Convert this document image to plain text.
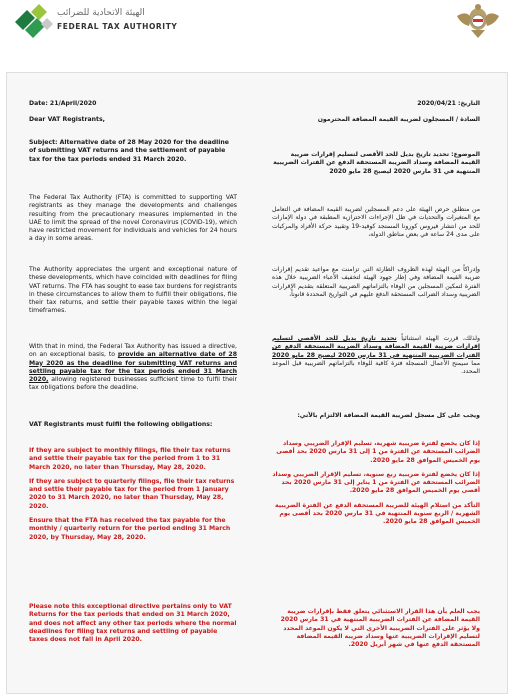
الهيئة الاتحادية للضرائب
FEDERAL TAX AUTHORITY
Date: 21/April/2020
Dear VAT Registrants,
Subject: Alternative date of 28 May 2020 for the deadline of submitting VAT returns and the settlement of payable tax for the tax periods ended 31 March 2020.
The Federal Tax Authority (FTA) is committed to supporting VAT registrants as they manage the developments and challenges resulting from the precautionary measures implemented in the UAE to limit the spread of the novel Coronavirus (COVID-19), which have restricted movement for individuals and vehicles for 24 hours a day in some areas.
The Authority appreciates the urgent and exceptional nature of these developments, which have coincided with deadlines for filing VAT returns. The FTA has sought to ease tax burdens for registrants in these circumstances to allow them to fulfill their obligations, file their tax returns, and settle their payable taxes within the legal timeframes.
With that in mind, the Federal Tax Authority has issued a directive, on an exceptional basis, to provide an alternative date of 28 May 2020 as the deadline for submitting VAT returns and settling payable tax for the tax periods ended 31 March 2020, allowing registered businesses sufficient time to fulfil their tax obligations before the deadline.
VAT Registrants must fulfil the following obligations:
If they are subject to monthly filings, file their tax returns and settle their payable tax for the period from 1 to 31 March 2020, no later than Thursday, May 28, 2020.
If they are subject to quarterly filings, file their tax returns and settle their payable tax for the period from 1 January 2020 to 31 March 2020, no later than Thursday, May 28, 2020.
Ensure that the FTA has received the tax payable for the monthly / quarterly return for the period ending 31 March 2020, by Thursday, May 28, 2020.
Please note this exceptional directive pertains only to VAT Returns for the tax periods that ended on 31 March 2020, and does not affect any other tax periods where the normal deadlines for filing tax returns and settling of payable taxes does not fall in April 2020.
التاريخ: 2020/04/21
السادة / المسجلون لضريبة القيمة المضافة المحترمون
الموضوع: تحديد تاريخ بديل للحد الأقصى لتسليم إقرارات ضريبة القيمة المضافة وسداد الضريبة المستحقة الدفع عن الفترات الضريبية المنتهية في 31 مارس 2020 ليصبح 28 مايو 2020
من منطلق حرص الهيئة على دعم المسجلين لضريبة القيمة المضافة في التعامل مع المتغيرات والتحديات في ظل الإجراءات الاحترازية المطبقة في دولة الإمارات للحد من انتشار فيروس كورونا المستجد كوفيد-19 وتقييد حركة الأفراد والمركبات على مدى 24 ساعة في بعض مناطق الدولة،
وإدراكاً من الهيئة لهذه الظروف الطارئة التي تزامنت مع مواعيد تقديم إقرارات ضريبة القيمة المضافة وفي إطار جهود الهيئة لتخفيف الأعباء الضريبية خلال هذه الفترة لتمكين المسجلين من الوفاء بالتزاماتهم الضريبية المتعلقة بتقديم الإقرارات الضريبية وسداد الضرائب المستحقة الدفع عليهم في التواريخ المحددة قانوناً،
ولذلك، قررت الهيئة استثنائياً تحديد تاريخ بديل للحد الأقصى لتسليم إقرارات ضريبة القيمة المضافة وسداد الضريبة المستحقة الدفع عن الفترات الضريبية المنتهية في 31 مارس 2020 ليصبح 28 مايو 2020 مما سيمنح الأعمال المسجلة فترة كافية للوفاء بالتزاماتهم الضريبية قبل الموعد المحدد.
ويجب على كل مسجل لضريبة القيمة المضافة الالتزام بالآتي:
إذا كان يخضع لفترة ضريبية شهرية، تسليم الإقرار الضريبي وسداد الضرائب المستحقة عن الفترة من 1 إلى 31 مارس 2020 بحد أقصى يوم الخميس الموافق 28 مايو 2020.
إذا كان يخضع لفترة ضريبية ربع سنوية، تسليم الإقرار الضريبي وسداد الضرائب المستحقة عن الفترة من 1 يناير إلى 31 مارس 2020 بحد أقصى يوم الخميس الموافق 28 مايو 2020.
التأكد من استلام الهيئة للضريبة المستحقة الدفع عن الفترة الضريبية الشهرية / الربع سنوية المنتهية في 31 مارس 2020 بحد أقصى يوم الخميس الموافق 28 مايو 2020.
يجب العلم بأن هذا القرار الاستثنائي يتعلق فقط بإقرارات ضريبة القيمة المضافة عن الفترات الضريبية المنتهية في 31 مارس 2020 ولا يؤثر على الفترات الضريبية الأخرى التي لا يكون الموعد المحدد لتسليم الإقرارات الضريبية عنها وسداد ضريبة القيمة المضافة المستحقة الدفع عنها في شهر أبريل 2020.
